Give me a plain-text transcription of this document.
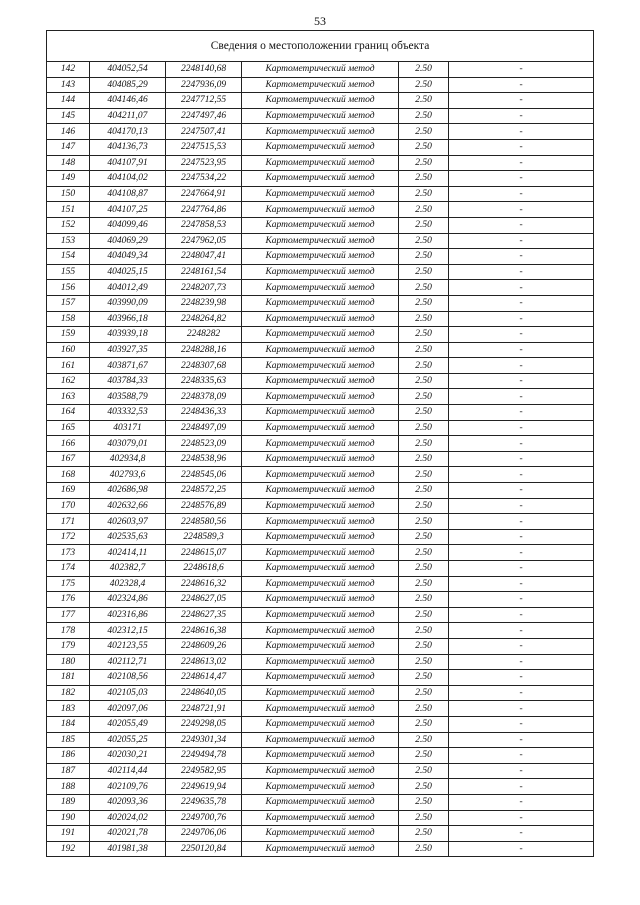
53
Сведения о местоположении границ объекта					
142	404052,54	2248140,68	Картометрический метод	2.50	-
143	404085,29	2247936,09	Картометрический метод	2.50	-
144	404146,46	2247712,55	Картометрический метод	2.50	-
145	404211,07	2247497,46	Картометрический метод	2.50	-
146	404170,13	2247507,41	Картометрический метод	2.50	-
147	404136,73	2247515,53	Картометрический метод	2.50	-
148	404107,91	2247523,95	Картометрический метод	2.50	-
149	404104,02	2247534,22	Картометрический метод	2.50	-
150	404108,87	2247664,91	Картометрический метод	2.50	-
151	404107,25	2247764,86	Картометрический метод	2.50	-
152	404099,46	2247858,53	Картометрический метод	2.50	-
153	404069,29	2247962,05	Картометрический метод	2.50	-
154	404049,34	2248047,41	Картометрический метод	2.50	-
155	404025,15	2248161,54	Картометрический метод	2.50	-
156	404012,49	2248207,73	Картометрический метод	2.50	-
157	403990,09	2248239,98	Картометрический метод	2.50	-
158	403966,18	2248264,82	Картометрический метод	2.50	-
159	403939,18	2248282	Картометрический метод	2.50	-
160	403927,35	2248288,16	Картометрический метод	2.50	-
161	403871,67	2248307,68	Картометрический метод	2.50	-
162	403784,33	2248335,63	Картометрический метод	2.50	-
163	403588,79	2248378,09	Картометрический метод	2.50	-
164	403332,53	2248436,33	Картометрический метод	2.50	-
165	403171	2248497,09	Картометрический метод	2.50	-
166	403079,01	2248523,09	Картометрический метод	2.50	-
167	402934,8	2248538,96	Картометрический метод	2.50	-
168	402793,6	2248545,06	Картометрический метод	2.50	-
169	402686,98	2248572,25	Картометрический метод	2.50	-
170	402632,66	2248576,89	Картометрический метод	2.50	-
171	402603,97	2248580,56	Картометрический метод	2.50	-
172	402535,63	2248589,3	Картометрический метод	2.50	-
173	402414,11	2248615,07	Картометрический метод	2.50	-
174	402382,7	2248618,6	Картометрический метод	2.50	-
175	402328,4	2248616,32	Картометрический метод	2.50	-
176	402324,86	2248627,05	Картометрический метод	2.50	-
177	402316,86	2248627,35	Картометрический метод	2.50	-
178	402312,15	2248616,38	Картометрический метод	2.50	-
179	402123,55	2248609,26	Картометрический метод	2.50	-
180	402112,71	2248613,02	Картометрический метод	2.50	-
181	402108,56	2248614,47	Картометрический метод	2.50	-
182	402105,03	2248640,05	Картометрический метод	2.50	-
183	402097,06	2248721,91	Картометрический метод	2.50	-
184	402055,49	2249298,05	Картометрический метод	2.50	-
185	402055,25	2249301,34	Картометрический метод	2.50	-
186	402030,21	2249494,78	Картометрический метод	2.50	-
187	402114,44	2249582,95	Картометрический метод	2.50	-
188	402109,76	2249619,94	Картометрический метод	2.50	-
189	402093,36	2249635,78	Картометрический метод	2.50	-
190	402024,02	2249700,76	Картометрический метод	2.50	-
191	402021,78	2249706,06	Картометрический метод	2.50	-
192	401981,38	2250120,84	Картометрический метод	2.50	-
